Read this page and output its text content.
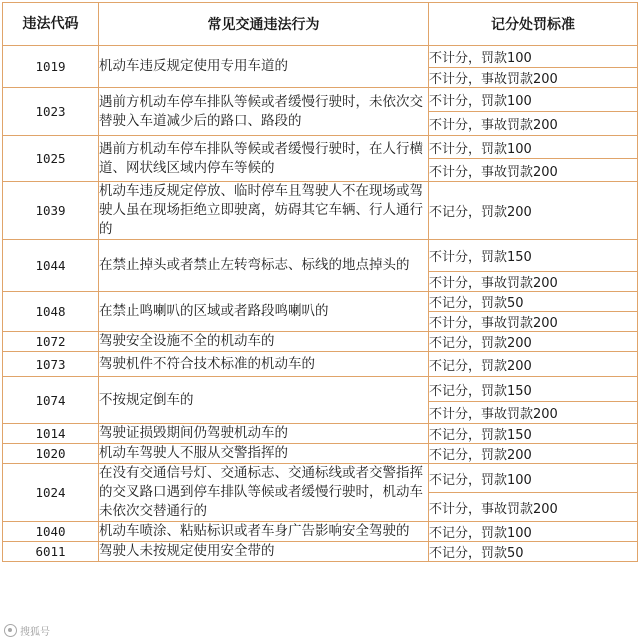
违法代码	常见交通违法行为	记分处罚标准
1019	机动车违反规定使用专用车道的	不计分，罚款100
		不计分，事故罚款200
1023	遇前方机动车停车排队等候或者缓慢行驶时，未依次交替驶入车道减少后的路口、路段的	不计分，罚款100
		不计分，事故罚款200
1025	遇前方机动车停车排队等候或者缓慢行驶时，在人行横道、网状线区域内停车等候的	不计分，罚款100
		不计分，事故罚款200
1039	机动车违反规定停放、临时停车且驾驶人不在现场或驾驶人虽在现场拒绝立即驶离，妨碍其它车辆、行人通行的	不记分，罚款200
1044	在禁止掉头或者禁止左转弯标志、标线的地点掉头的	不计分，罚款150
		不计分，事故罚款200
1048	在禁止鸣喇叭的区域或者路段鸣喇叭的	不记分，罚款50
		不计分，事故罚款200
1072	驾驶安全设施不全的机动车的	不记分，罚款200
1073	驾驶机件不符合技术标准的机动车的	不记分，罚款200
1074	不按规定倒车的	不记分，罚款150
		不计分，事故罚款200
1014	驾驶证损毁期间仍驾驶机动车的	不记分，罚款150
1020	机动车驾驶人不服从交警指挥的	不记分，罚款200
1024	在没有交通信号灯、交通标志、交通标线或者交警指挥的交叉路口遇到停车排队等候或者缓慢行驶时，机动车未依次交替通行的	不记分，罚款100
		不计分，事故罚款200
1040	机动车喷涂、粘贴标识或者车身广告影响安全驾驶的	不记分，罚款100
6011	驾驶人未按规定使用安全带的	不记分，罚款50
搜狐号
